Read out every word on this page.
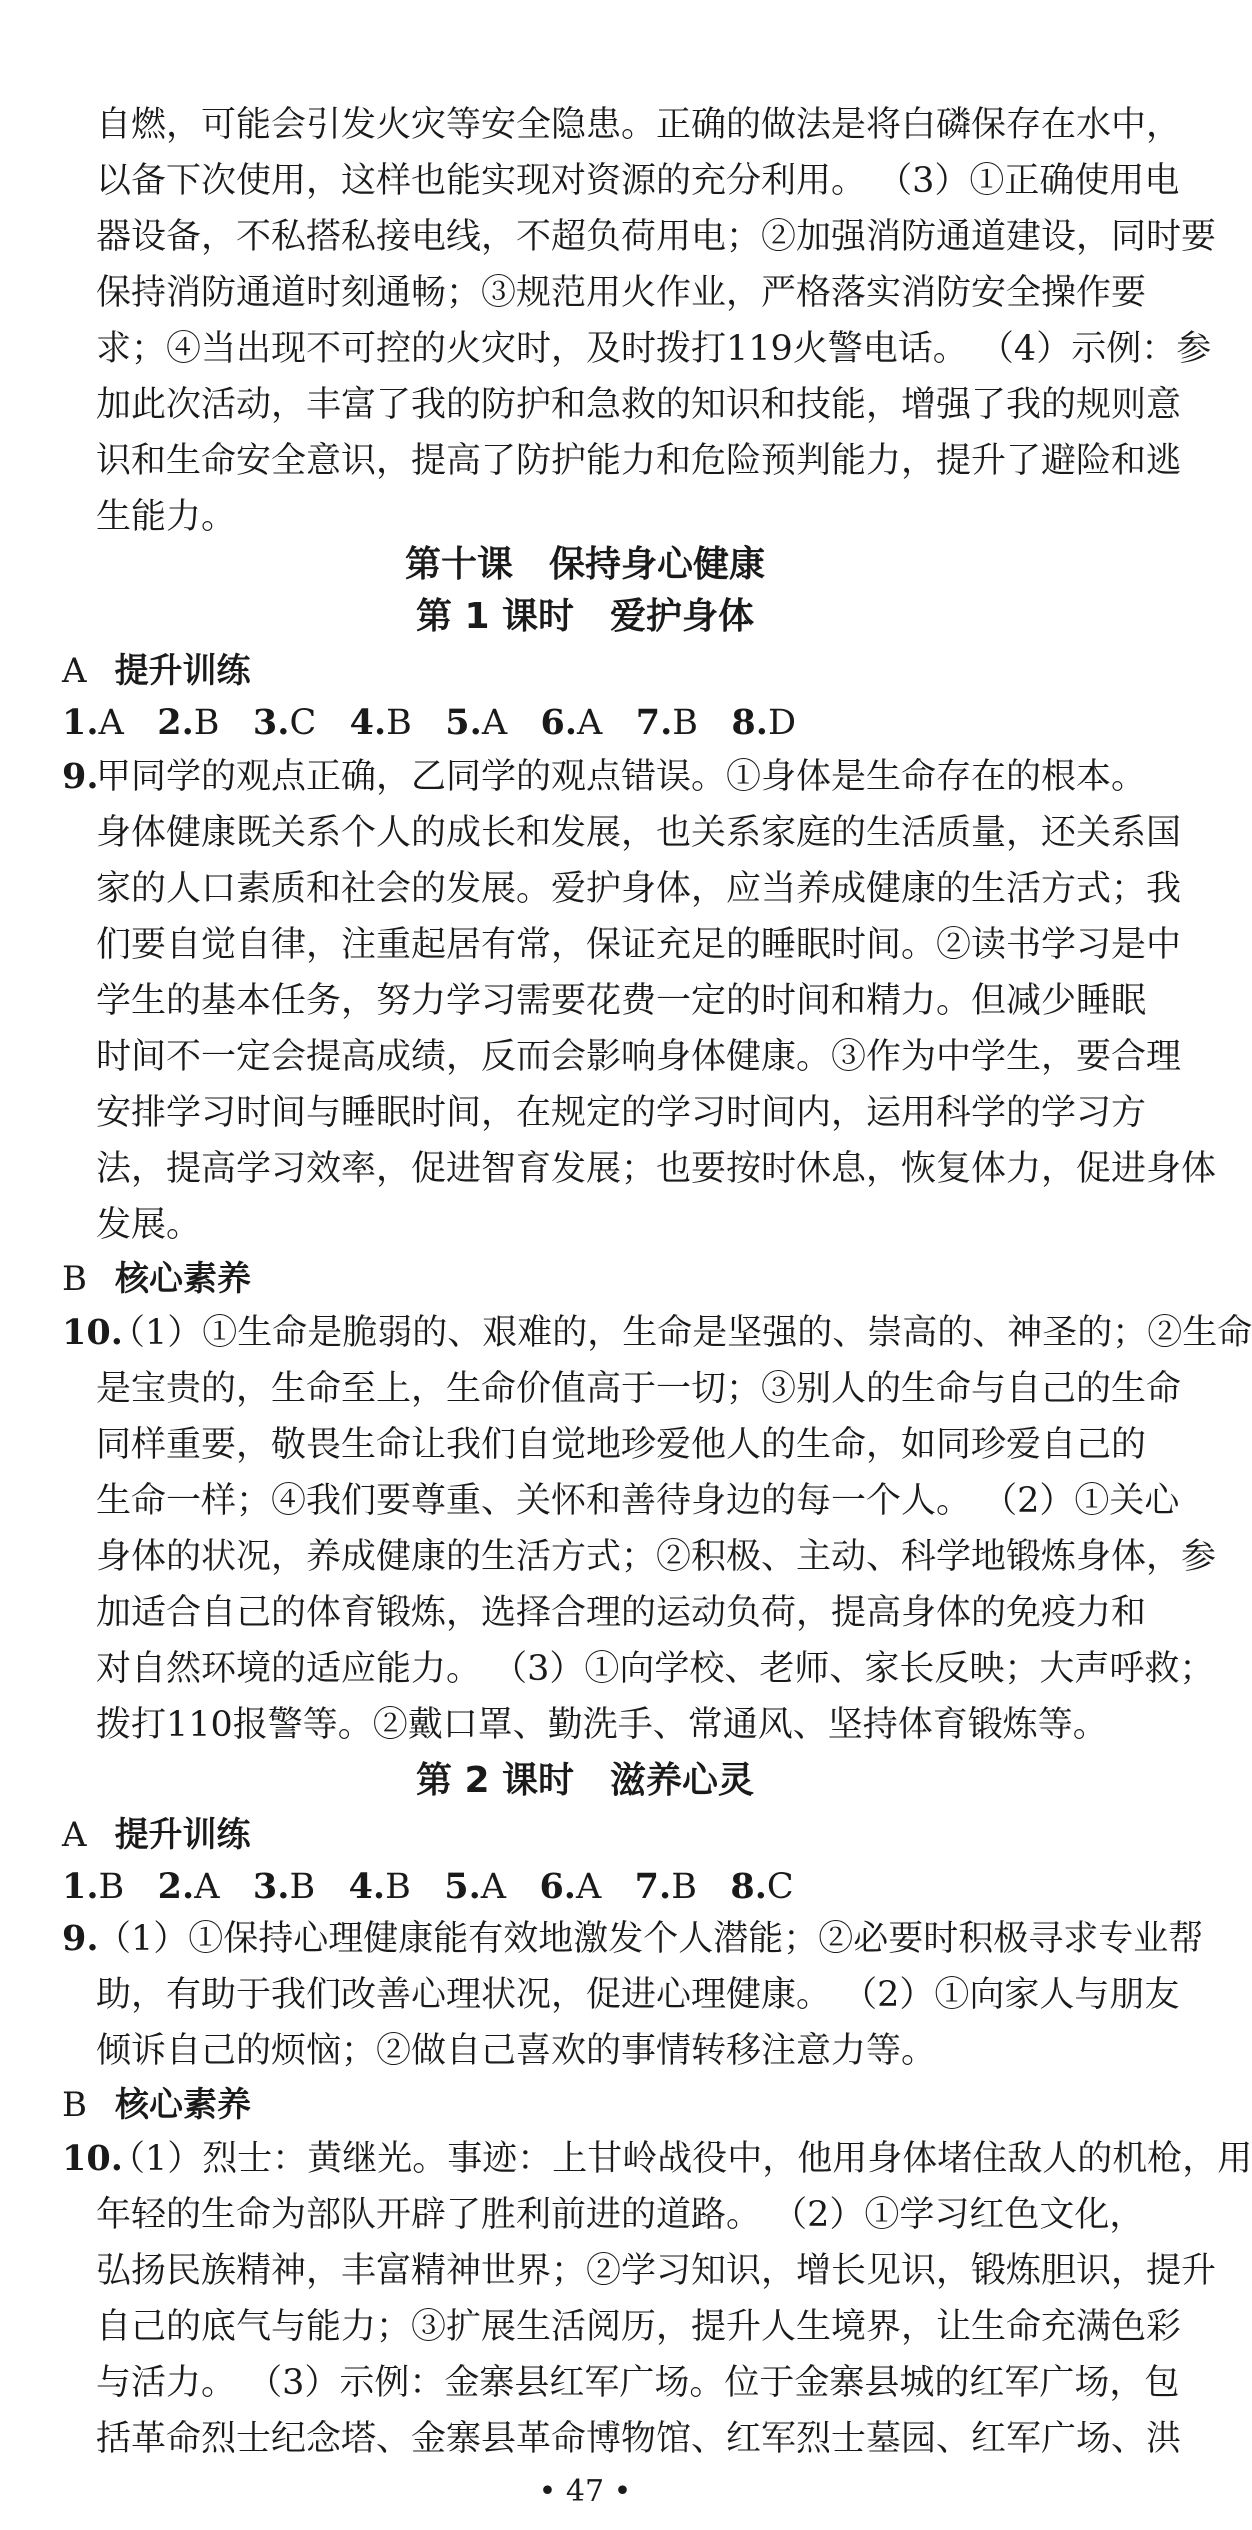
自燃，可能会引发火灾等安全隐患。正确的做法是将白磷保存在水中，
以备下次使用，这样也能实现对资源的充分利用。 （3）①正确使用电
器设备，不私搭私接电线，不超负荷用电；②加强消防通道建设，同时要
保持消防通道时刻通畅；③规范用火作业，严格落实消防安全操作要
求；④当出现不可控的火灾时，及时拨打119火警电话。 （4）示例：参
加此次活动，丰富了我的防护和急救的知识和技能，增强了我的规则意
识和生命安全意识，提高了防护能力和危险预判能力，提升了避险和逃
生能力。
第十课　保持身心健康
第 1 课时　爱护身体
A 提升训练
1.A 2.B 3.C 4.B 5.A 6.A 7.B 8.D
9.
甲同学的观点正确，乙同学的观点错误。①身体是生命存在的根本。
身体健康既关系个人的成长和发展，也关系家庭的生活质量，还关系国
家的人口素质和社会的发展。爱护身体，应当养成健康的生活方式；我
们要自觉自律，注重起居有常，保证充足的睡眠时间。②读书学习是中
学生的基本任务，努力学习需要花费一定的时间和精力。但减少睡眠
时间不一定会提高成绩，反而会影响身体健康。③作为中学生，要合理
安排学习时间与睡眠时间，在规定的学习时间内，运用科学的学习方
法，提高学习效率，促进智育发展；也要按时休息，恢复体力，促进身体
发展。
B 核心素养
10.
（1）①生命是脆弱的、艰难的，生命是坚强的、崇高的、神圣的；②生命
是宝贵的，生命至上，生命价值高于一切；③别人的生命与自己的生命
同样重要，敬畏生命让我们自觉地珍爱他人的生命，如同珍爱自己的
生命一样；④我们要尊重、关怀和善待身边的每一个人。 （2）①关心
身体的状况，养成健康的生活方式；②积极、主动、科学地锻炼身体，参
加适合自己的体育锻炼，选择合理的运动负荷，提高身体的免疫力和
对自然环境的适应能力。 （3）①向学校、老师、家长反映；大声呼救；
拨打110报警等。②戴口罩、勤洗手、常通风、坚持体育锻炼等。
第 2 课时　滋养心灵
A 提升训练
1.B 2.A 3.B 4.B 5.A 6.A 7.B 8.C
9.
（1）①保持心理健康能有效地激发个人潜能；②必要时积极寻求专业帮
助，有助于我们改善心理状况，促进心理健康。 （2）①向家人与朋友
倾诉自己的烦恼；②做自己喜欢的事情转移注意力等。
B 核心素养
10.
（1）烈士：黄继光。事迹：上甘岭战役中，他用身体堵住敌人的机枪，用
年轻的生命为部队开辟了胜利前进的道路。 （2）①学习红色文化，
弘扬民族精神，丰富精神世界；②学习知识，增长见识，锻炼胆识，提升
自己的底气与能力；③扩展生活阅历，提升人生境界，让生命充满色彩
与活力。 （3）示例：金寨县红军广场。位于金寨县城的红军广场，包
括革命烈士纪念塔、金寨县革命博物馆、红军烈士墓园、红军广场、洪
• 47 •
